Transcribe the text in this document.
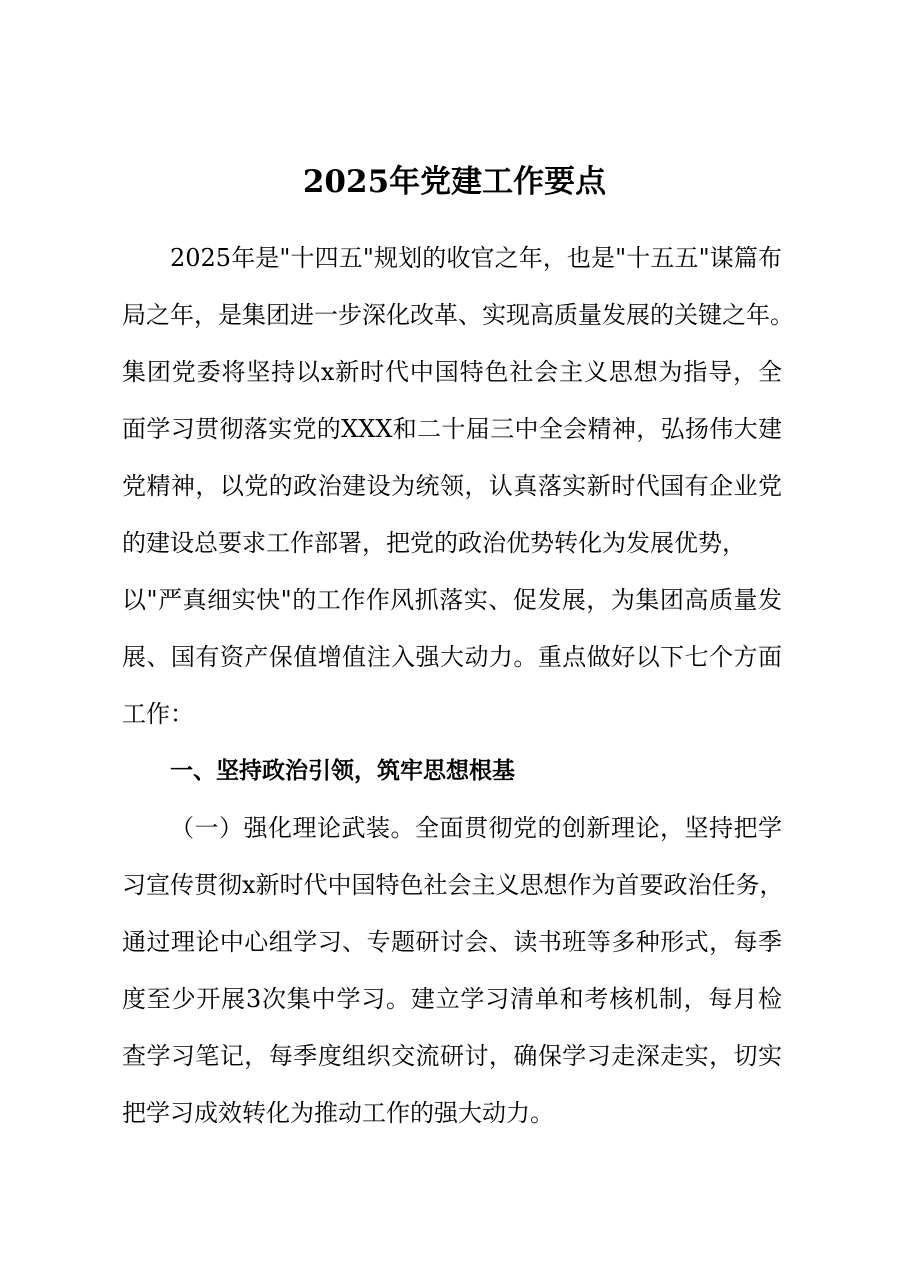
2025年党建工作要点
2025年是"十四五"规划的收官之年，也是"十五五"谋篇布
局之年，是集团进一步深化改革、实现高质量发展的关键之年。
集团党委将坚持以x新时代中国特色社会主义思想为指导，全
面学习贯彻落实党的XXX和二十届三中全会精神，弘扬伟大建
党精神，以党的政治建设为统领，认真落实新时代国有企业党
的建设总要求工作部署，把党的政治优势转化为发展优势，
以"严真细实快"的工作作风抓落实、促发展，为集团高质量发
展、国有资产保值增值注入强大动力。重点做好以下七个方面
工作：
一、坚持政治引领，筑牢思想根基
（一）强化理论武装。全面贯彻党的创新理论，坚持把学
习宣传贯彻x新时代中国特色社会主义思想作为首要政治任务，
通过理论中心组学习、专题研讨会、读书班等多种形式，每季
度至少开展3次集中学习。建立学习清单和考核机制，每月检
查学习笔记，每季度组织交流研讨，确保学习走深走实，切实
把学习成效转化为推动工作的强大动力。
